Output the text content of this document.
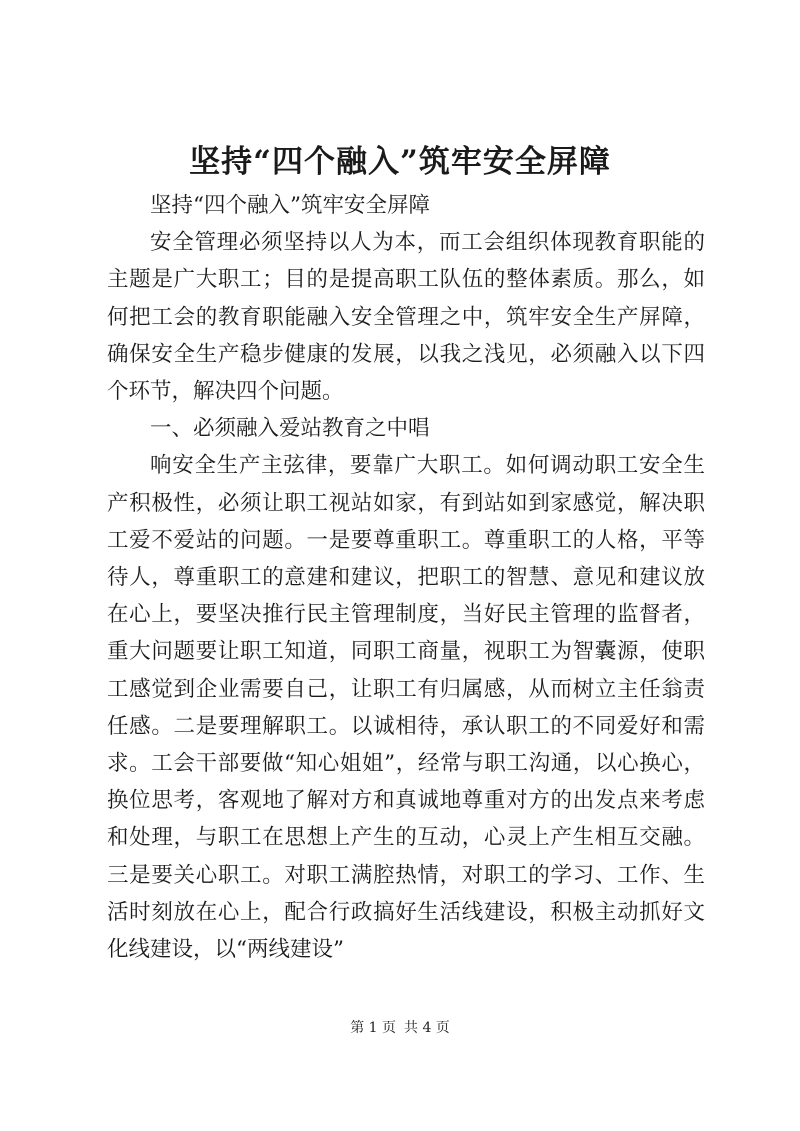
坚持“四个融入”筑牢安全屏障

坚持“四个融入”筑牢安全屏障

安全管理必须坚持以人为本，而工会组织体现教育职能的主题是广大职工；目的是提高职工队伍的整体素质。那么，如何把工会的教育职能融入安全管理之中，筑牢安全生产屏障，确保安全生产稳步健康的发展，以我之浅见，必须融入以下四个环节，解决四个问题。

一、必须融入爱站教育之中唱

响安全生产主弦律，要靠广大职工。如何调动职工安全生产积极性，必须让职工视站如家，有到站如到家感觉，解决职工爱不爱站的问题。一是要尊重职工。尊重职工的人格，平等待人，尊重职工的意建和建议，把职工的智慧、意见和建议放在心上，要坚决推行民主管理制度，当好民主管理的监督者，重大问题要让职工知道，同职工商量，视职工为智囊源，使职工感觉到企业需要自己，让职工有归属感，从而树立主任翁责任感。二是要理解职工。以诚相待，承认职工的不同爱好和需求。工会干部要做“知心姐姐”，经常与职工沟通，以心换心，换位思考，客观地了解对方和真诚地尊重对方的出发点来考虑和处理，与职工在思想上产生的互动，心灵上产生相互交融。三是要关心职工。对职工满腔热情，对职工的学习、工作、生活时刻放在心上，配合行政搞好生活线建设，积极主动抓好文化线建设，以“两线建设”

第 1 页 共 4 页
